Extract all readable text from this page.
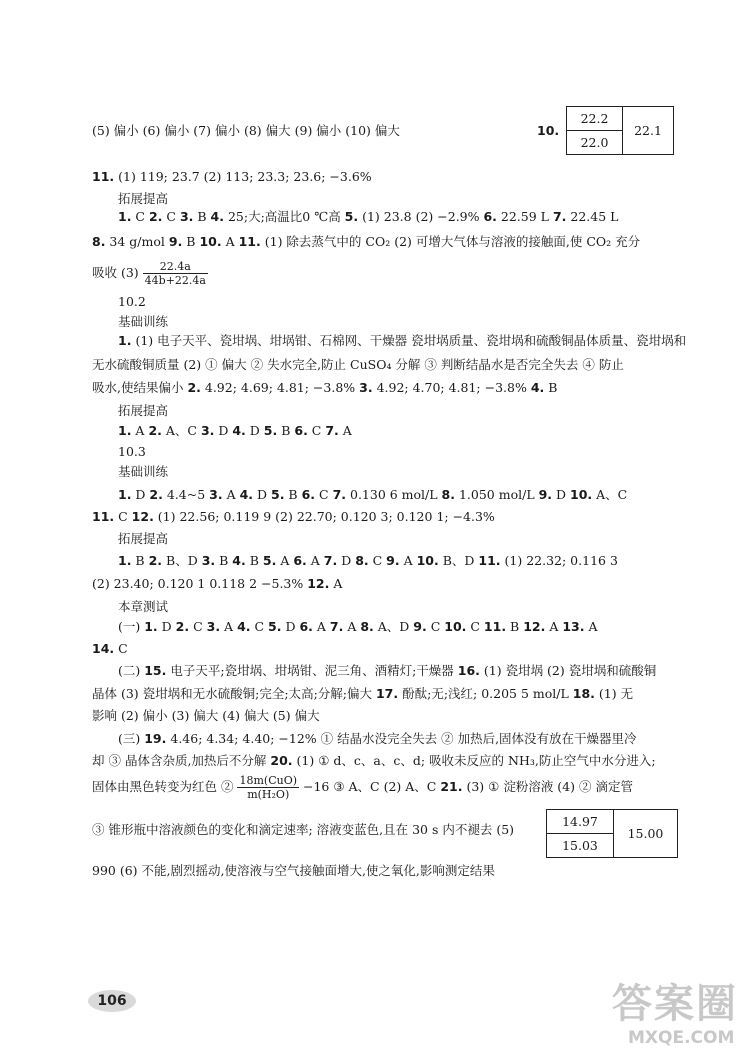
(5) 偏小 (6) 偏小 (7) 偏小 (8) 偏大 (9) 偏小 (10) 偏大	10.
22.2	22.1
22.0
11. (1) 119; 23.7 (2) 113; 23.3; 23.6; −3.6%
拓展提高
1. C 2. C 3. B 4. 25;大;高温比0 ℃高 5. (1) 23.8 (2) −2.9% 6. 22.59 L 7. 22.45 L
8. 34 g/mol 9. B 10. A 11. (1) 除去蒸气中的 CO₂ (2) 可增大气体与溶液的接触面,使 CO₂ 充分
吸收 $(3) \frac{22.4a}{44b+22.4a}$
10.2
基础训练
1. (1) 电子天平、瓷坩埚、坩埚钳、石棉网、干燥器 瓷坩埚质量、瓷坩埚和硫酸铜晶体质量、瓷坩埚和
无水硫酸铜质量 (2) ① 偏大 ② 失水完全,防止 CuSO₄ 分解 ③ 判断结晶水是否完全失去 ④ 防止
吸水,使结果偏小 2. 4.92; 4.69; 4.81; −3.8% 3. 4.92; 4.70; 4.81; −3.8% 4. B
拓展提高
1. A 2. A、C 3. D 4. D 5. B 6. C 7. A
10.3
基础训练
1. D 2. 4.4~5 3. A 4. D 5. B 6. C 7. 0.130 6 mol/L 8. 1.050 mol/L 9. D 10. A、C
11. C 12. (1) 22.56; 0.119 9 (2) 22.70; 0.120 3; 0.120 1; −4.3%
拓展提高
1. B 2. B、D 3. B 4. B 5. A 6. A 7. D 8. C 9. A 10. B、D 11. (1) 22.32; 0.116 3
(2) 23.40; 0.120 1 0.118 2 −5.3% 12. A
本章测试
(一) 1. D 2. C 3. A 4. C 5. D 6. A 7. A 8. A、D 9. C 10. C 11. B 12. A 13. A
14. C
(二) 15. 电子天平;瓷坩埚、坩埚钳、泥三角、酒精灯;干燥器 16. (1) 瓷坩埚 (2) 瓷坩埚和硫酸铜
晶体 (3) 瓷坩埚和无水硫酸铜;完全;太高;分解;偏大 17. 酚酞;无;浅红; 0.205 5 mol/L 18. (1) 无
影响 (2) 偏小 (3) 偏大 (4) 偏大 (5) 偏大
(三) 19. 4.46; 4.34; 4.40; −12% ① 结晶水没完全失去 ② 加热后,固体没有放在干燥器里冷
却 ③ 晶体含杂质,加热后不分解 20. (1) ① d、c、a、c、d; 吸收未反应的 NH₃,防止空气中水分进入;
固体由黑色转变为红色 ② $\frac{\text{18m(CuO)}}{\text{m(H₂O)}} -16$ ③ A、C (2) A、C 21. (3) ① 淀粉溶液 (4) ② 滴定管
③ 锥形瓶中溶液颜色的变化和滴定速率; 溶液变蓝色,且在 30 s 内不褪去 (5)
14.97	15.00
15.03
990 (6) 不能,剧烈摇动,使溶液与空气接触面增大,使之氧化,影响测定结果
106	答案圈
MXQE.COM
